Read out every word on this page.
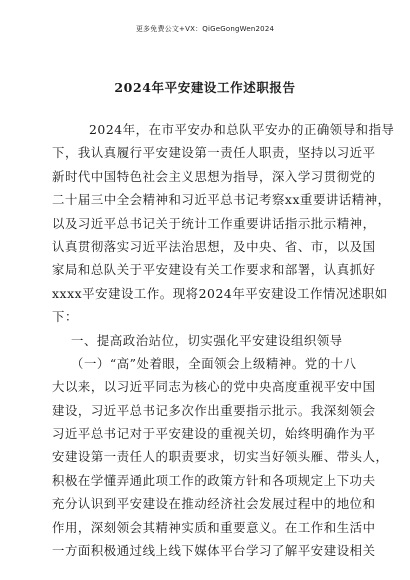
更多免费公文+VX：QiGeGongWen2024
2024年平安建设工作述职报告
2024年，在市平安办和总队平安办的正确领导和指导
下，我认真履行平安建设第一责任人职责，坚持以习近平
新时代中国特色社会主义思想为指导，深入学习贯彻党的
二十届三中全会精神和习近平总书记考察xx重要讲话精神，
以及习近平总书记关于统计工作重要讲话指示批示精神，
认真贯彻落实习近平法治思想，及中央、省、市，以及国
家局和总队关于平安建设有关工作要求和部署，认真抓好
xxxx平安建设工作。现将2024年平安建设工作情况述职如
下：
一、提高政治站位，切实强化平安建设组织领导
（一）“高”处着眼，全面领会上级精神。党的十八
大以来，以习近平同志为核心的党中央高度重视平安中国
建设，习近平总书记多次作出重要指示批示。我深刻领会
习近平总书记对于平安建设的重视关切，始终明确作为平
安建设第一责任人的职责要求，切实当好领头雁、带头人，
积极在学懂弄通此项工作的政策方针和各项规定上下功夫
充分认识到平安建设在推动经济社会发展过程中的地位和
作用，深刻领会其精神实质和重要意义。在工作和生活中
一方面积极通过线上线下媒体平台学习了解平安建设相关
